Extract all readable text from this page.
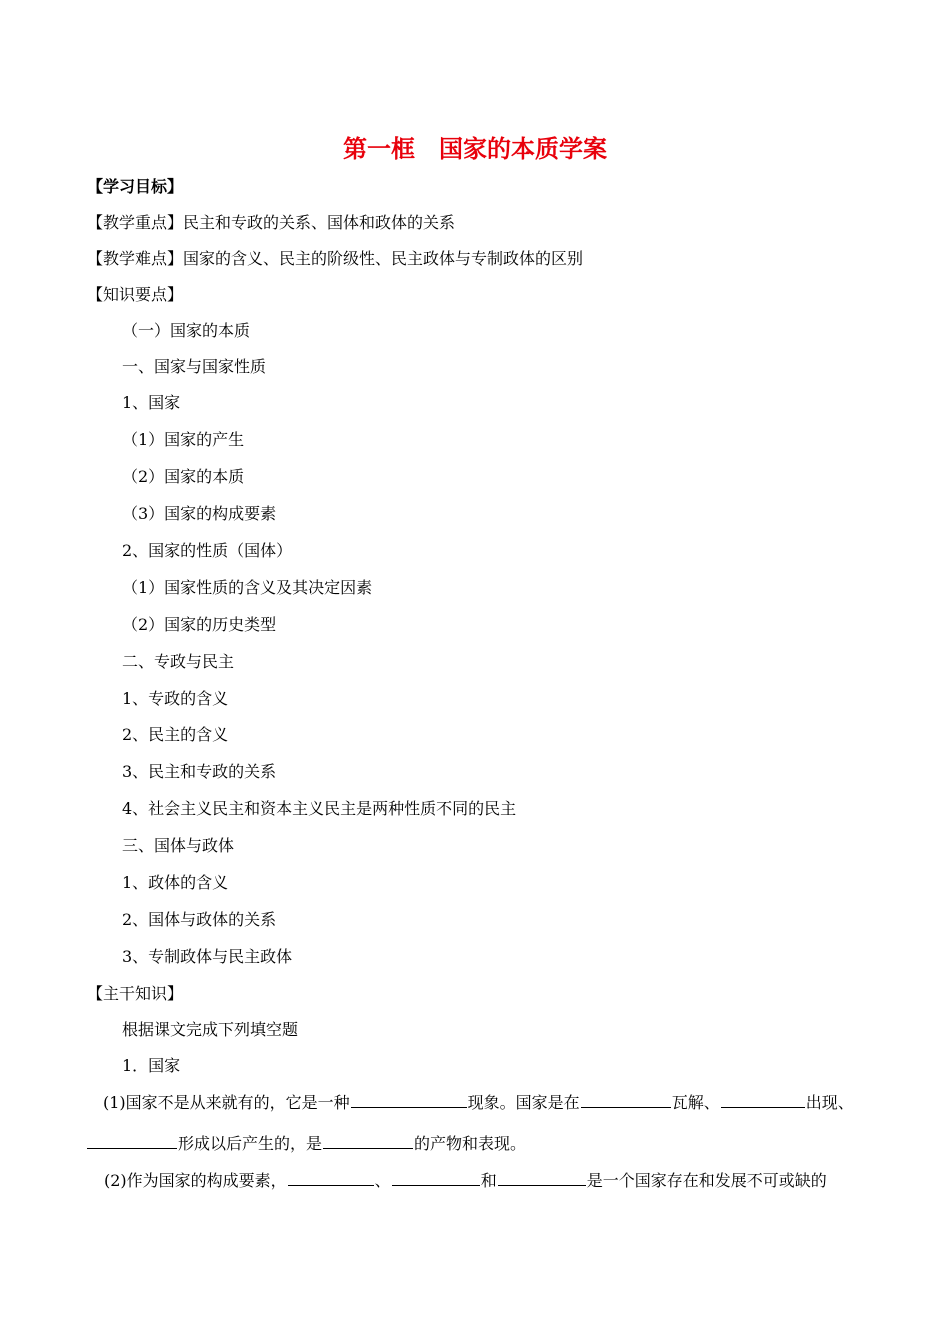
第一框　国家的本质学案
【学习目标】
【教学重点】民主和专政的关系、国体和政体的关系
【教学难点】国家的含义、民主的阶级性、民主政体与专制政体的区别
【知识要点】
（一）国家的本质
一、国家与国家性质
1、国家
（1）国家的产生
（2）国家的本质
（3）国家的构成要素
2、国家的性质（国体）
（1）国家性质的含义及其决定因素
（2）国家的历史类型
二、专政与民主
1、专政的含义
2、民主的含义
3、民主和专政的关系
4、社会主义民主和资本主义民主是两种性质不同的民主
三、国体与政体
1、政体的含义
2、国体与政体的关系
3、专制政体与民主政体
【主干知识】
根据课文完成下列填空题
1．国家
(1)国家不是从来就有的，它是一种	现象。国家是在	瓦解、	出现、
形成以后产生的，是	的产物和表现。
(2)作为国家的构成要素，	、	和	是一个国家存在和发展不可或缺的
